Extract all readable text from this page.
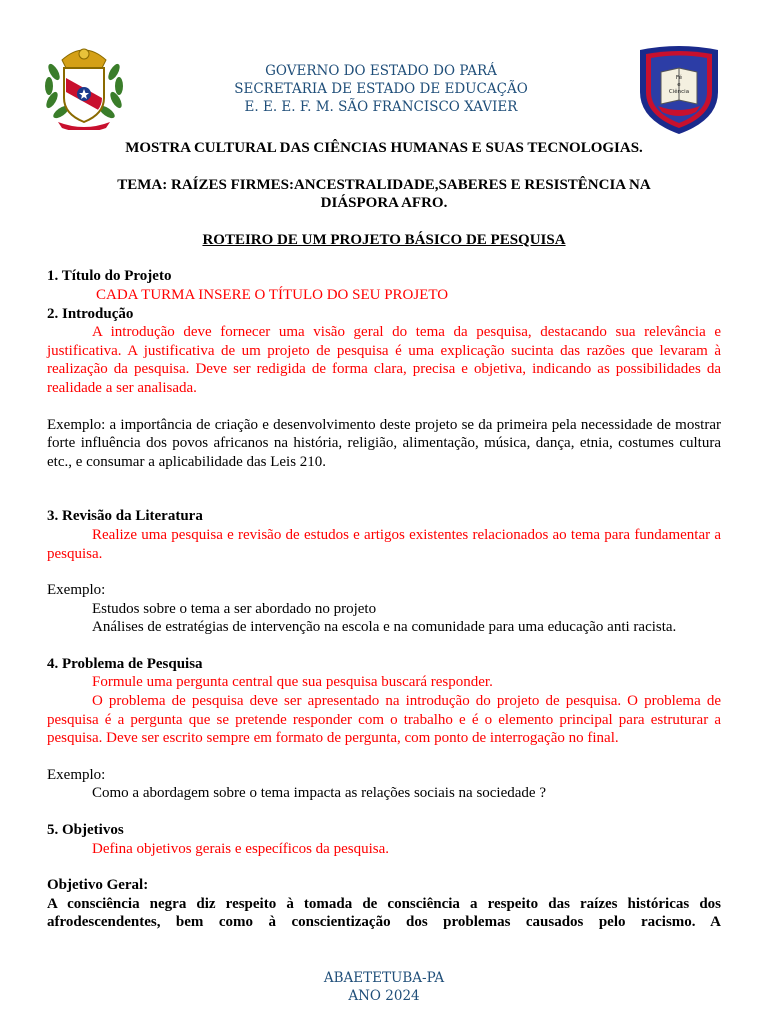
GOVERNO DO ESTADO DO PARÁ
SECRETARIA DE ESTADO DE EDUCAÇÃO
E. E. E. F. M. SÃO FRANCISCO XAVIER
Fé
e
Ciência

MOSTRA CULTURAL DAS CIÊNCIAS HUMANAS E SUAS TECNOLOGIAS.

TEMA: RAÍZES FIRMES:ANCESTRALIDADE,SABERES E RESISTÊNCIA NA

DIÁSPORA AFRO.

ROTEIRO DE UM PROJETO BÁSICO DE PESQUISA

1. Título do Projeto

CADA TURMA INSERE O TÍTULO DO SEU PROJETO

2. Introdução

A introdução deve fornecer uma visão geral do tema da pesquisa, destacando sua relevância e justificativa. A justificativa de um projeto de pesquisa é uma explicação sucinta das razões que levaram à realização da pesquisa. Deve ser redigida de forma clara, precisa e objetiva, indicando as possibilidades da realidade a ser analisada.

Exemplo: a importância de criação e desenvolvimento deste projeto se da primeira pela necessidade de mostrar forte influência dos povos africanos na história, religião, alimentação, música, dança, etnia, costumes cultura etc., e consumar a aplicabilidade das Leis 210.

3. Revisão da Literatura

Realize uma pesquisa e revisão de estudos e artigos existentes relacionados ao tema para fundamentar a pesquisa.

Exemplo:

Estudos sobre o tema a ser abordado no projeto

Análises de estratégias de intervenção na escola e na comunidade para uma educação anti racista.

4. Problema de Pesquisa

Formule uma pergunta central que sua pesquisa buscará responder.

O problema de pesquisa deve ser apresentado na introdução do projeto de pesquisa. O problema de pesquisa é a pergunta que se pretende responder com o trabalho e é o elemento principal para estruturar a pesquisa. Deve ser escrito sempre em formato de pergunta, com ponto de interrogação no final.

Exemplo:

Como a abordagem sobre o tema impacta as relações sociais na sociedade ?

5. Objetivos

Defina objetivos gerais e específicos da pesquisa.

Objetivo Geral:

A consciência negra diz respeito à tomada de consciência a respeito das raízes históricas dos afrodescendentes, bem como à conscientização dos problemas causados pelo racismo. A

ABAETETUBA-PA
ANO 2024
